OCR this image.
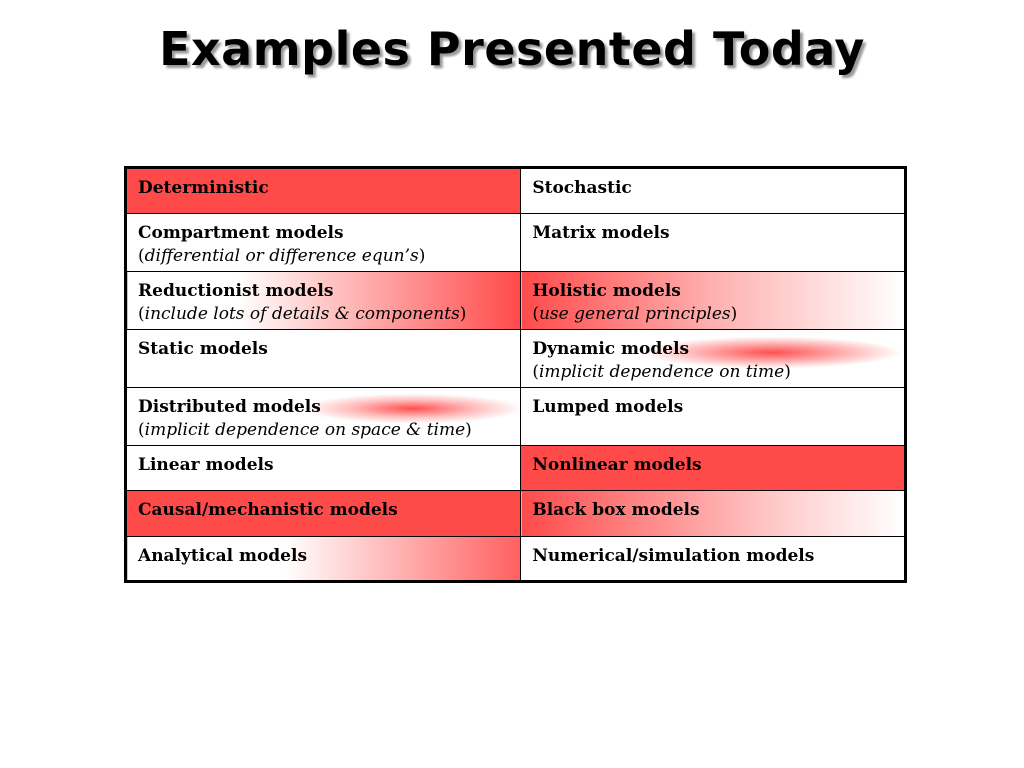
Examples Presented Today
Deterministic	Stochastic

Compartment models
(differential or difference equn’s)	Matrix models

Reductionist models
(include lots of details & components)	Holistic models
(use general principles)

Static models	Dynamic models
(implicit dependence on time)

Distributed models
(implicit dependence on space & time)	Lumped models

Linear models	Nonlinear models

Causal/mechanistic models	Black box models

Analytical models	Numerical/simulation models
